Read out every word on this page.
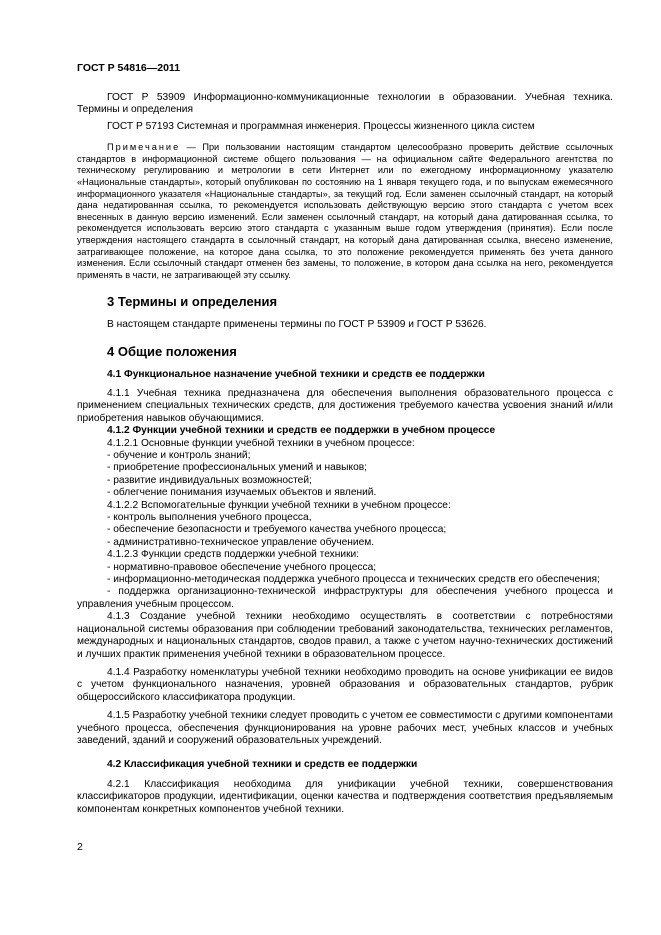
ГОСТ Р 54816—2011

ГОСТ Р 53909 Информационно-коммуникационные технологии в образовании. Учебная техника. Термины и определения

ГОСТ Р 57193 Системная и программная инженерия. Процессы жизненного цикла систем

Примечание — При пользовании настоящим стандартом целесообразно проверить действие ссылочных стандартов в информационной системе общего пользования — на официальном сайте Федерального агентства по техническому регулированию и метрологии в сети Интернет или по ежегодному информационному указателю «Национальные стандарты», который опубликован по состоянию на 1 января текущего года, и по выпускам ежемесячного информационного указателя «Национальные стандарты», за текущий год. Если заменен ссылочный стандарт, на который дана недатированная ссылка, то рекомендуется использовать действующую версию этого стандарта с учетом всех внесенных в данную версию изменений. Если заменен ссылочный стандарт, на который дана датированная ссылка, то рекомендуется использовать версию этого стандарта с указанным выше годом утверждения (принятия). Если после утверждения настоящего стандарта в ссылочный стандарт, на который дана датированная ссылка, внесено изменение, затрагивающее положение, на которое дана ссылка, то это положение рекомендуется применять без учета данного изменения. Если ссылочный стандарт отменен без замены, то положение, в котором дана ссылка на него, рекомендуется применять в части, не затрагивающей эту ссылку.

3 Термины и определения

В настоящем стандарте применены термины по ГОСТ Р 53909 и ГОСТ Р 53626.

4 Общие положения
4.1 Функциональное назначение учебной техники и средств ее поддержки

4.1.1 Учебная техника предназначена для обеспечения выполнения образовательного процесса с применением специальных технических средств, для достижения требуемого качества усвоения знаний и/или приобретения навыков обучающимися.

4.1.2 Функции учебной техники и средств ее поддержки в учебном процессе

4.1.2.1 Основные функции учебной техники в учебном процессе:

- обучение и контроль знаний;

- приобретение профессиональных умений и навыков;

- развитие индивидуальных возможностей;

- облегчение понимания изучаемых объектов и явлений.

4.1.2.2 Вспомогательные функции учебной техники в учебном процессе:

- контроль выполнения учебного процесса,

- обеспечение безопасности и требуемого качества учебного процесса;

- административно-техническое управление обучением.

4.1.2.3 Функции средств поддержки учебной техники:

- нормативно-правовое обеспечение учебного процесса;

- информационно-методическая поддержка учебного процесса и технических средств его обеспечения;

- поддержка организационно-технической инфраструктуры для обеспечения учебного процесса и управления учебным процессом.

4.1.3 Создание учебной техники необходимо осуществлять в соответствии с потребностями национальной системы образования при соблюдении требований законодательства, технических регламентов, международных и национальных стандартов, сводов правил, а также с учетом научно-технических достижений и лучших практик применения учебной техники в образовательном процессе.

4.1.4 Разработку номенклатуры учебной техники необходимо проводить на основе унификации ее видов с учетом функционального назначения, уровней образования и образовательных стандартов, рубрик общероссийского классификатора продукции.

4.1.5 Разработку учебной техники следует проводить с учетом ее совместимости с другими компонентами учебного процесса, обеспечения функционирования на уровне рабочих мест, учебных классов и учебных заведений, зданий и сооружений образовательных учреждений.

4.2 Классификация учебной техники и средств ее поддержки

4.2.1 Классификация необходима для унификации учебной техники, совершенствования классификаторов продукции, идентификации, оценки качества и подтверждения соответствия предъявляемым компонентам конкретных компонентов учебной техники.

2
